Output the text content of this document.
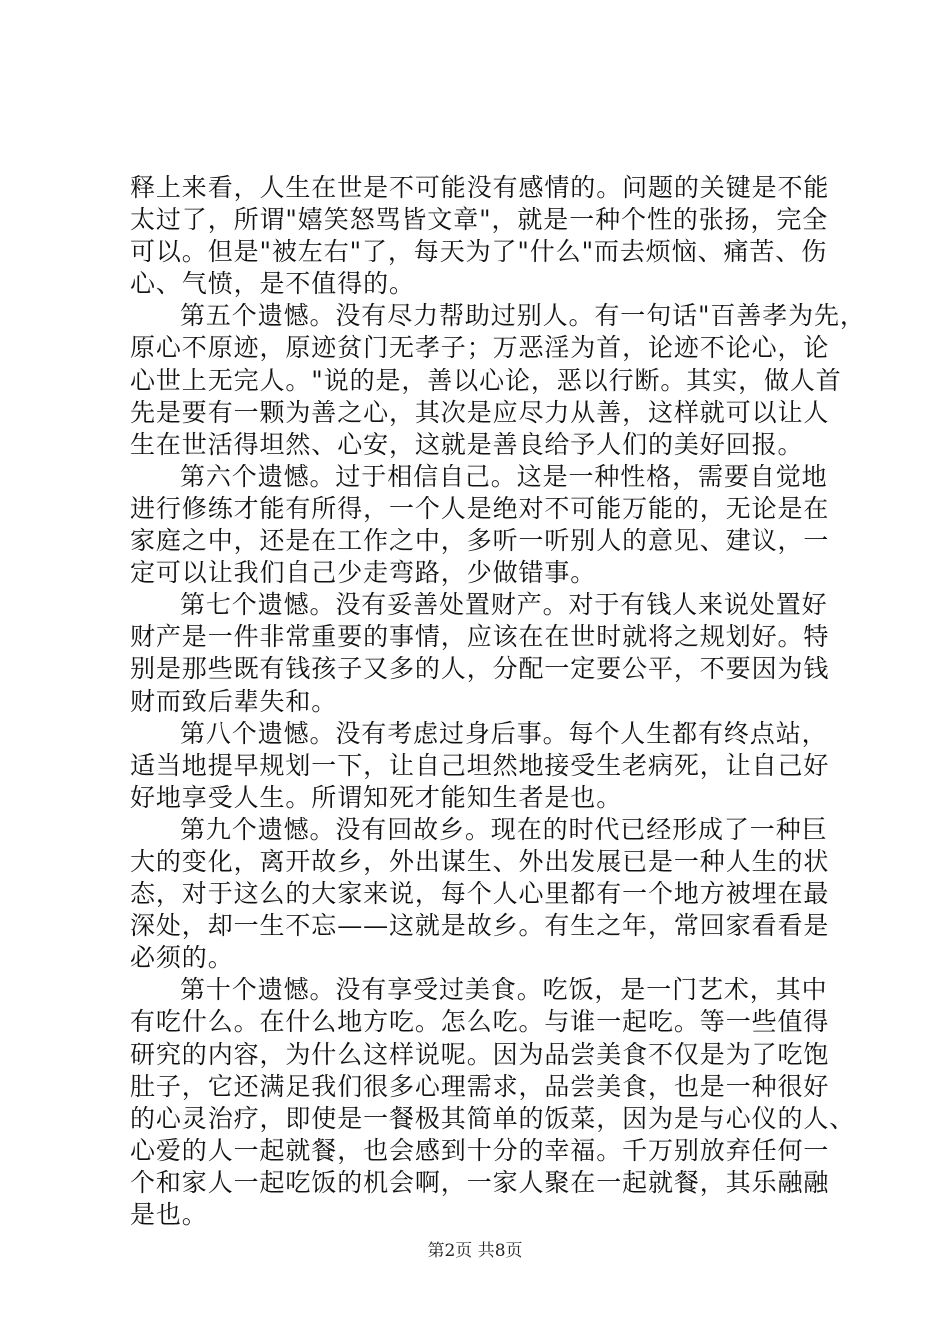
释上来看，人生在世是不可能没有感情的。问题的关键是不能
太过了，所谓"嬉笑怒骂皆文章"，就是一种个性的张扬，完全
可以。但是"被左右"了，每天为了"什么"而去烦恼、痛苦、伤
心、气愤，是不值得的。
第五个遗憾。没有尽力帮助过别人。有一句话"百善孝为先，
原心不原迹，原迹贫门无孝子；万恶淫为首，论迹不论心，论
心世上无完人。"说的是，善以心论，恶以行断。其实，做人首
先是要有一颗为善之心，其次是应尽力从善，这样就可以让人
生在世活得坦然、心安，这就是善良给予人们的美好回报。
第六个遗憾。过于相信自己。这是一种性格，需要自觉地
进行修练才能有所得，一个人是绝对不可能万能的，无论是在
家庭之中，还是在工作之中，多听一听别人的意见、建议，一
定可以让我们自己少走弯路，少做错事。
第七个遗憾。没有妥善处置财产。对于有钱人来说处置好
财产是一件非常重要的事情，应该在在世时就将之规划好。特
别是那些既有钱孩子又多的人，分配一定要公平，不要因为钱
财而致后辈失和。
第八个遗憾。没有考虑过身后事。每个人生都有终点站，
适当地提早规划一下，让自己坦然地接受生老病死，让自己好
好地享受人生。所谓知死才能知生者是也。
第九个遗憾。没有回故乡。现在的时代已经形成了一种巨
大的变化，离开故乡，外出谋生、外出发展已是一种人生的状
态，对于这么的大家来说，每个人心里都有一个地方被埋在最
深处，却一生不忘——这就是故乡。有生之年，常回家看看是
必须的。
第十个遗憾。没有享受过美食。吃饭，是一门艺术，其中
有吃什么。在什么地方吃。怎么吃。与谁一起吃。等一些值得
研究的内容，为什么这样说呢。因为品尝美食不仅是为了吃饱
肚子，它还满足我们很多心理需求，品尝美食，也是一种很好
的心灵治疗，即使是一餐极其简单的饭菜，因为是与心仪的人、
心爱的人一起就餐，也会感到十分的幸福。千万别放弃任何一
个和家人一起吃饭的机会啊，一家人聚在一起就餐，其乐融融
是也。
第2页 共8页
